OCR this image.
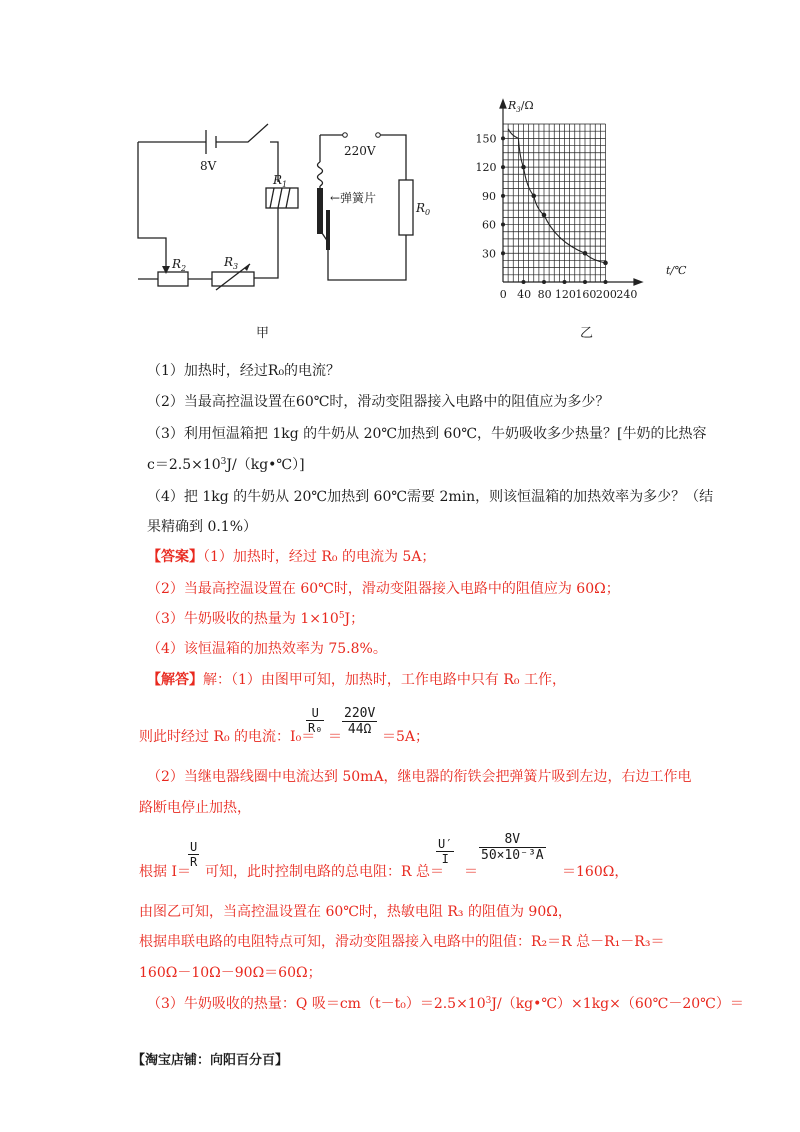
8V
220V
$R_1$
$R_2$	$R_3$
$R_0$
←弹簧片
甲
0 40 80 120 160 200 240
30
60
90
120
150
$R_3/\Omega$
t/℃
乙
（1）加热时，经过R₀的电流？
（2）当最高控温设置在60℃时，滑动变阻器接入电路中的阻值应为多少？
（3）利用恒温箱把 1kg 的牛奶从 20℃加热到 60℃，牛奶吸收多少热量？[牛奶的比热容
$c=2.5\times 10^3J/(kg•℃)$]
（4）把 1kg 的牛奶从 20℃加热到 60℃需要 2min，则该恒温箱的加热效率为多少？（结
果精确到 0.1%）
【答案】（1）加热时，经过 R₀ 的电流为 5A；
（2）当最高控温设置在 60℃时，滑动变阻器接入电路中的阻值应为 60Ω；
（3）牛奶吸收的热量为 $1\times 10^5J$；
（4）该恒温箱的加热效率为 75.8%。
【解答】解：（1）由图甲可知，加热时，工作电路中只有 R₀ 工作，
则此时经过 R₀ 的电流：I₀＝
$\frac{U}{\text{R₀}}$
＝ $\frac{220V}{44\Omega} =5A$；
（2）当继电器线圈中电流达到 50mA，继电器的衔铁会把弹簧片吸到左边，右边工作电
路断电停止加热，
根据 I＝
$\frac{U}{R}$
可知，此时控制电路的总电阻：R 总＝
$\frac{U'}{I}$
＝
$\frac{8V}{\text{50×10⁻³A}}$
＝160Ω，
由图乙可知，当高控温设置在 60℃时，热敏电阻 R₃ 的阻值为 90Ω，
根据串联电路的电阻特点可知，滑动变阻器接入电路中的阻值：R₂＝R 总－R₁－R₃＝
160Ω－10Ω－90Ω＝60Ω；
（3）牛奶吸收的热量：Q 吸$=cm(t-t_0)=2.5\times 10^3J/(kg•℃)\times 1kg\times(60℃-20℃)=$
【淘宝店铺：向阳百分百】
